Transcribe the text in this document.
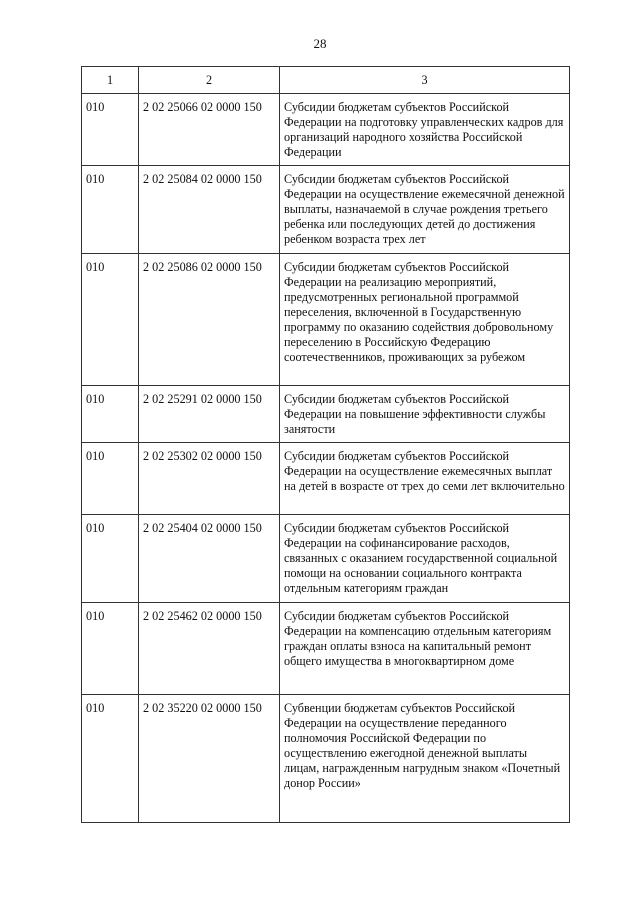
28
1	2	3
010	2 02 25066 02 0000 150	Субсидии бюджетам субъектов Российской Федерации на подготовку управленческих кадров для организаций народного хозяйства Российской Федерации
010	2 02 25084 02 0000 150	Субсидии бюджетам субъектов Российской Федерации на осуществление ежемесячной денежной выплаты, назначаемой в случае рождения третьего ребенка или последующих детей до достижения ребенком возраста трех лет
010	2 02 25086 02 0000 150	Субсидии бюджетам субъектов Российской Федерации на реализацию мероприятий, предусмотренных региональной программой переселения, включенной в Государственную программу по оказанию содействия добровольному переселению в Российскую Федерацию соотечественников, проживающих за рубежом
010	2 02 25291 02 0000 150	Субсидии бюджетам субъектов Российской Федерации на повышение эффективности службы занятости
010	2 02 25302 02 0000 150	Субсидии бюджетам субъектов Российской Федерации на осуществление ежемесячных выплат на детей в возрасте от трех до семи лет включительно
010	2 02 25404 02 0000 150	Субсидии бюджетам субъектов Российской Федерации на софинансирование расходов, связанных с оказанием государственной социальной помощи на основании социального контракта отдельным категориям граждан
010	2 02 25462 02 0000 150	Субсидии бюджетам субъектов Российской Федерации на компенсацию отдельным категориям граждан оплаты взноса на капитальный ремонт общего имущества в многоквартирном доме
010	2 02 35220 02 0000 150	Субвенции бюджетам субъектов Российской Федерации на осуществление переданного полномочия Российской Федерации по осуществлению ежегодной денежной выплаты лицам, награжденным нагрудным знаком «Почетный донор России»
